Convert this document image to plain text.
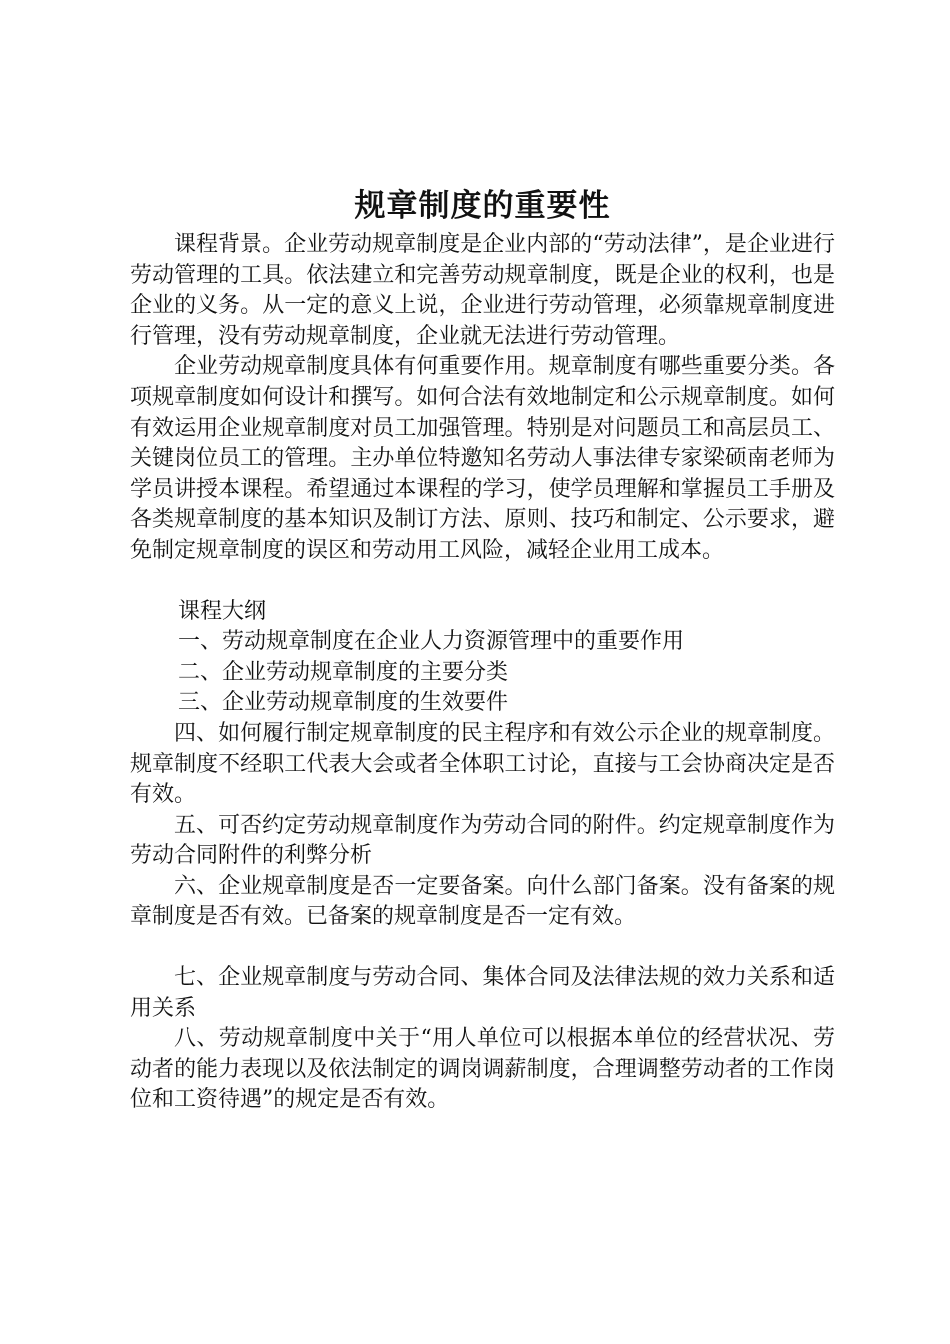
规章制度的重要性

课程背景。企业劳动规章制度是企业内部的“劳动法律”，是企业进行劳动管理的工具。依法建立和完善劳动规章制度，既是企业的权利，也是企业的义务。从一定的意义上说，企业进行劳动管理，必须靠规章制度进行管理，没有劳动规章制度，企业就无法进行劳动管理。

企业劳动规章制度具体有何重要作用。规章制度有哪些重要分类。各项规章制度如何设计和撰写。如何合法有效地制定和公示规章制度。如何有效运用企业规章制度对员工加强管理。特别是对问题员工和高层员工、关键岗位员工的管理。主办单位特邀知名劳动人事法律专家梁硕南老师为学员讲授本课程。希望通过本课程的学习，使学员理解和掌握员工手册及各类规章制度的基本知识及制订方法、原则、技巧和制定、公示要求，避免制定规章制度的误区和劳动用工风险，减轻企业用工成本。

课程大纲

一、劳动规章制度在企业人力资源管理中的重要作用

二、企业劳动规章制度的主要分类

三、企业劳动规章制度的生效要件

四、如何履行制定规章制度的民主程序和有效公示企业的规章制度。规章制度不经职工代表大会或者全体职工讨论，直接与工会协商决定是否有效。

五、可否约定劳动规章制度作为劳动合同的附件。约定规章制度作为劳动合同附件的利弊分析

六、企业规章制度是否一定要备案。向什么部门备案。没有备案的规章制度是否有效。已备案的规章制度是否一定有效。

七、企业规章制度与劳动合同、集体合同及法律法规的效力关系和适用关系

八、劳动规章制度中关于“用人单位可以根据本单位的经营状况、劳动者的能力表现以及依法制定的调岗调薪制度，合理调整劳动者的工作岗位和工资待遇”的规定是否有效。
